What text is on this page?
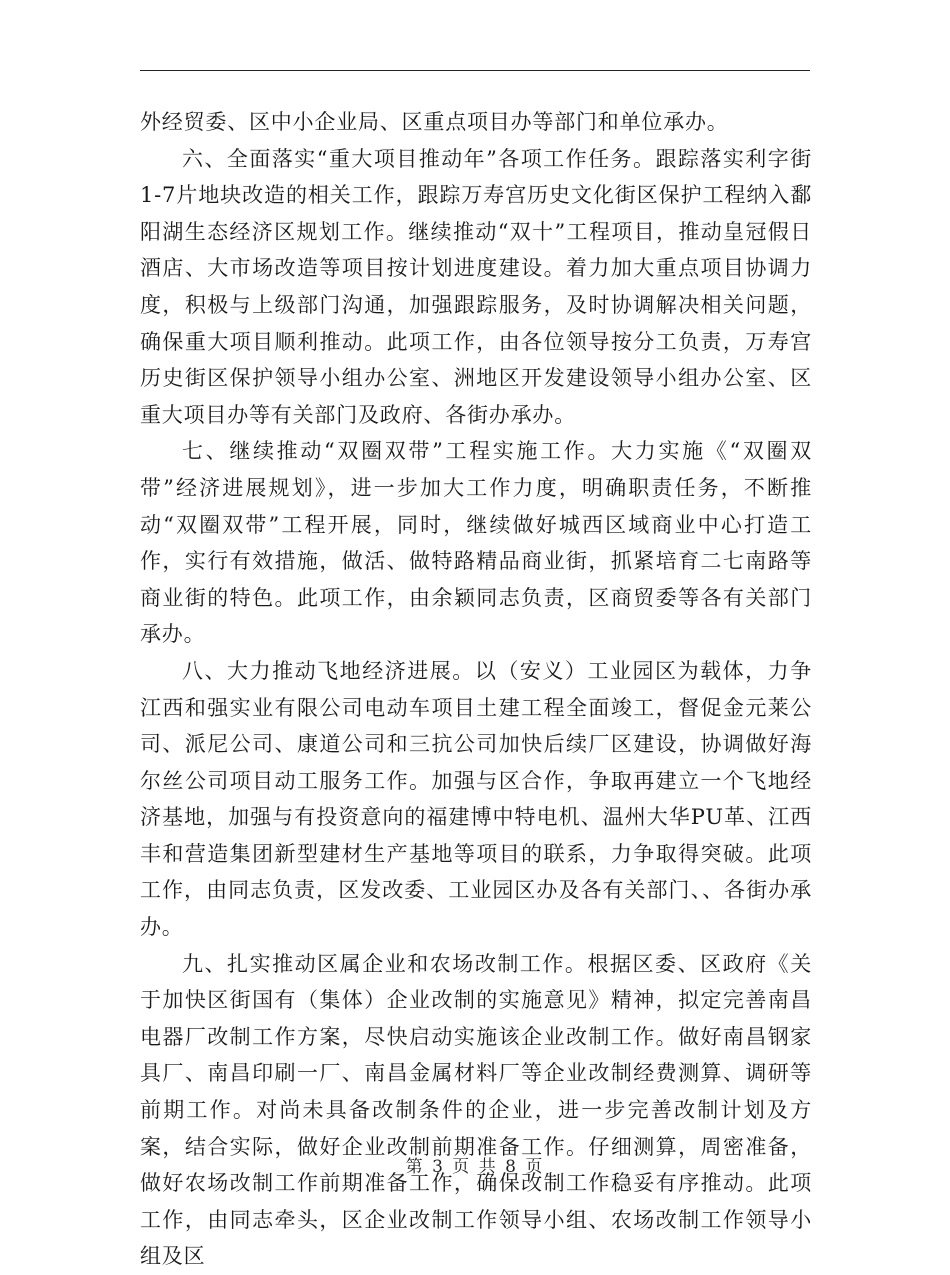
外经贸委、区中小企业局、区重点项目办等部门和单位承办。

六、全面落实“重大项目推动年”各项工作任务。跟踪落实利字街1-7片地块改造的相关工作，跟踪万寿宫历史文化街区保护工程纳入鄱阳湖生态经济区规划工作。继续推动“双十”工程项目，推动皇冠假日酒店、大市场改造等项目按计划进度建设。着力加大重点项目协调力度，积极与上级部门沟通，加强跟踪服务，及时协调解决相关问题，确保重大项目顺利推动。此项工作，由各位领导按分工负责，万寿宫历史街区保护领导小组办公室、洲地区开发建设领导小组办公室、区重大项目办等有关部门及政府、各街办承办。

七、继续推动“双圈双带”工程实施工作。大力实施《“双圈双带”经济进展规划》，进一步加大工作力度，明确职责任务，不断推动“双圈双带”工程开展，同时，继续做好城西区域商业中心打造工作，实行有效措施，做活、做特路精品商业街，抓紧培育二七南路等商业街的特色。此项工作，由余颖同志负责，区商贸委等各有关部门承办。

八、大力推动飞地经济进展。以（安义）工业园区为载体，力争江西和强实业有限公司电动车项目土建工程全面竣工，督促金元莱公司、派尼公司、康道公司和三抗公司加快后续厂区建设，协调做好海尔丝公司项目动工服务工作。加强与区合作，争取再建立一个飞地经济基地，加强与有投资意向的福建博中特电机、温州大华PU革、江西丰和营造集团新型建材生产基地等项目的联系，力争取得突破。此项工作，由同志负责，区发改委、工业园区办及各有关部门、、各街办承办。

九、扎实推动区属企业和农场改制工作。根据区委、区政府《关于加快区街国有（集体）企业改制的实施意见》精神，拟定完善南昌电器厂改制工作方案，尽快启动实施该企业改制工作。做好南昌钢家具厂、南昌印刷一厂、南昌金属材料厂等企业改制经费测算、调研等前期工作。对尚未具备改制条件的企业，进一步完善改制计划及方案，结合实际，做好企业改制前期准备工作。仔细测算，周密准备，做好农场改制工作前期准备工作，确保改制工作稳妥有序推动。此项工作，由同志牵头，区企业改制工作领导小组、农场改制工作领导小组及区

第 3 页 共 8 页
